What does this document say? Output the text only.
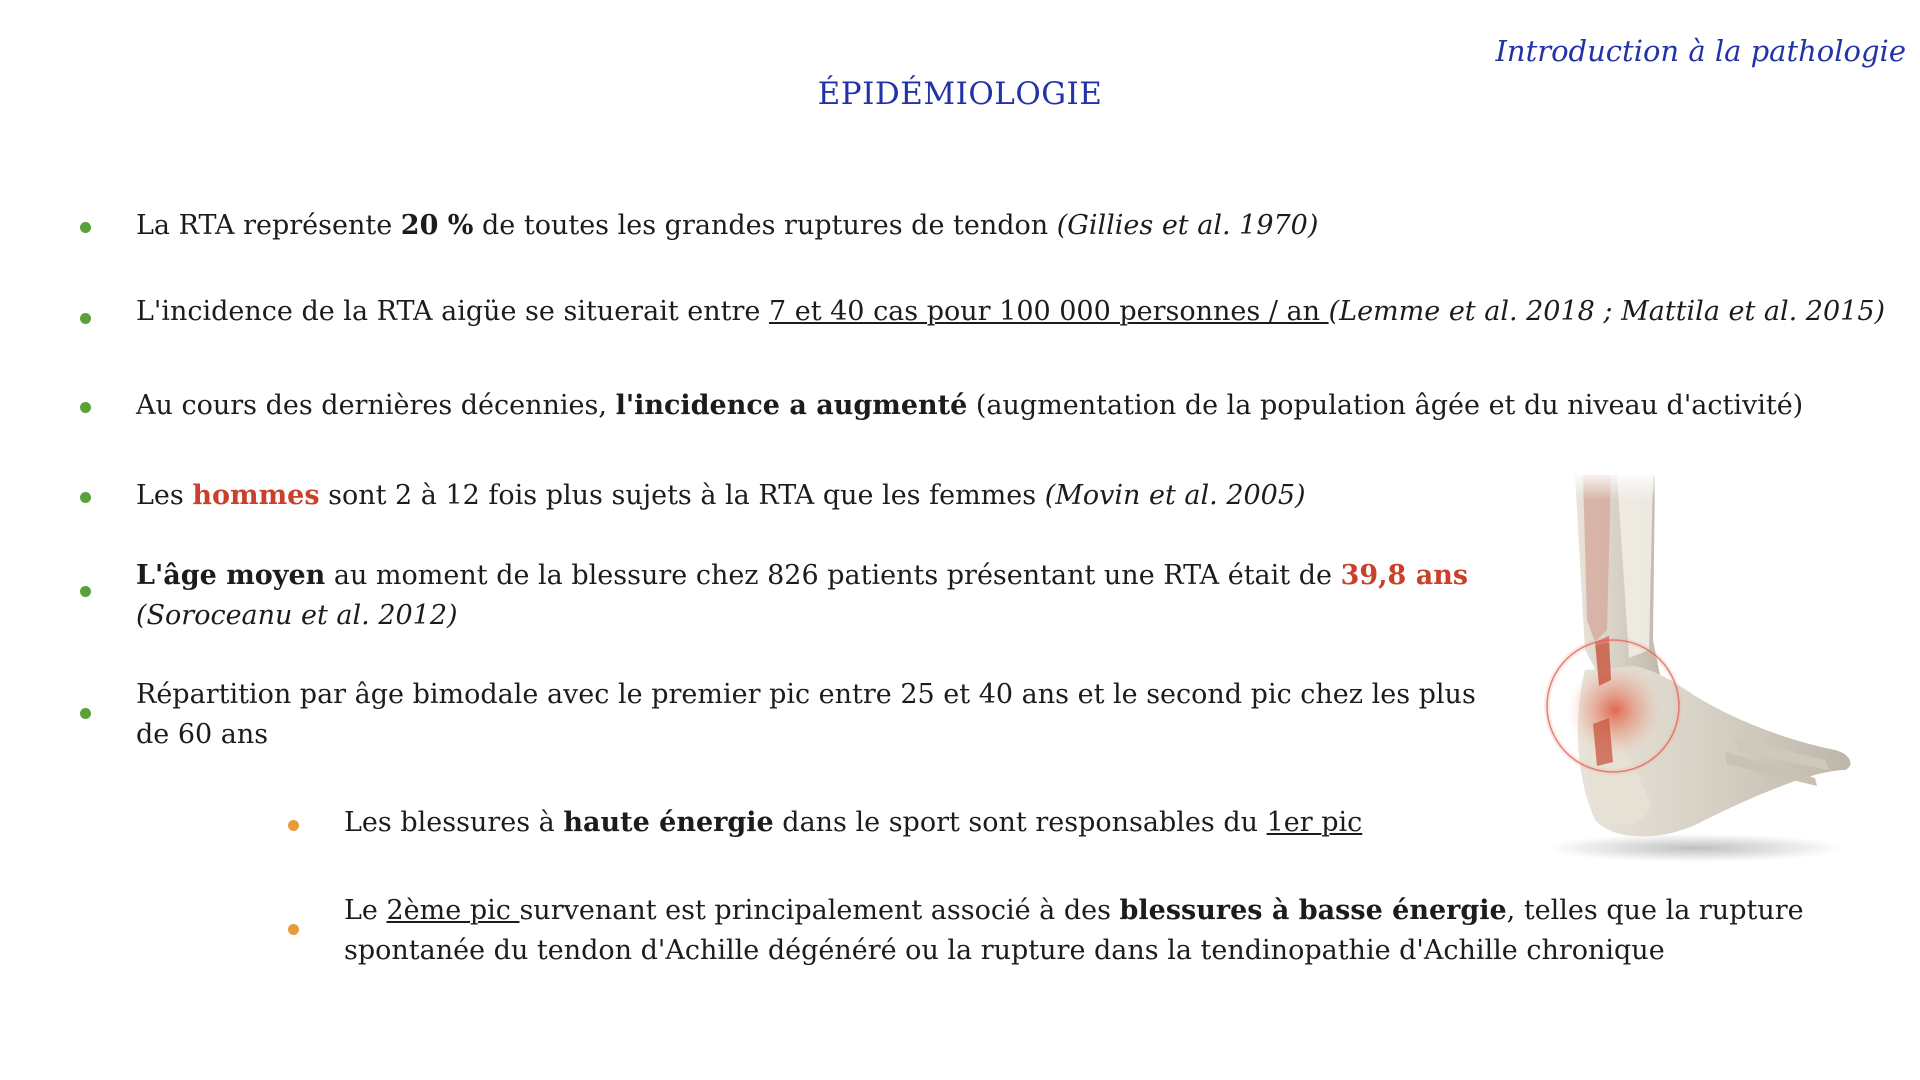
Introduction à la pathologie
ÉPIDÉMIOLOGIE
La RTA représente 20 % de toutes les grandes ruptures de tendon (Gillies et al. 1970)
L'incidence de la RTA aigüe se situerait entre 7 et 40 cas pour 100 000 personnes / an (Lemme et al. 2018 ; Mattila et al. 2015)
Au cours des dernières décennies, l'incidence a augmenté (augmentation de la population âgée et du niveau d'activité)
Les hommes sont 2 à 12 fois plus sujets à la RTA que les femmes (Movin et al. 2005)
L'âge moyen au moment de la blessure chez 826 patients présentant une RTA était de 39,8 ans (Soroceanu et al. 2012)
Répartition par âge bimodale avec le premier pic entre 25 et 40 ans et le second pic chez les plus de 60 ans
Les blessures à haute énergie dans le sport sont responsables du 1er pic
Le 2ème pic survenant est principalement associé à des blessures à basse énergie, telles que la rupture spontanée du tendon d'Achille dégénéré ou la rupture dans la tendinopathie d'Achille chronique
